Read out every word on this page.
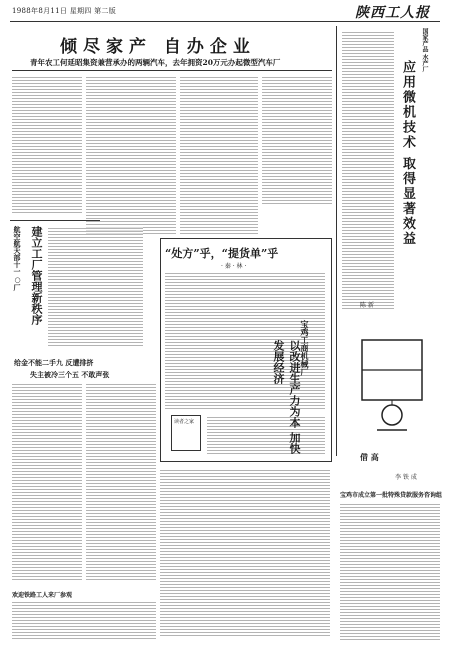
1988年8月11日 星期四 第二版	陕西工人报
倾尽家产 自办企业
青年农工何延昭集资兼营承办的两辆汽车，去年拥资20万元办起微型汽车厂	国家产品 水产厂
应用微机技术 取得显著效益
陈 新
建立工厂管理新秩序
航空航天部十一○厂	“处方”乎，“提货单”乎
· 秦 · 林 ·
读者之家
宝鸡工商机械厂
以改进生产力为本 加快发展经济
给金不能二手九 反遭排挤
失主被冷三个五 不敢声张
欢迎铁路工人来厂参观
借 高
李 铁 成
宝鸡市成立第一批特殊贷款服务咨询组
